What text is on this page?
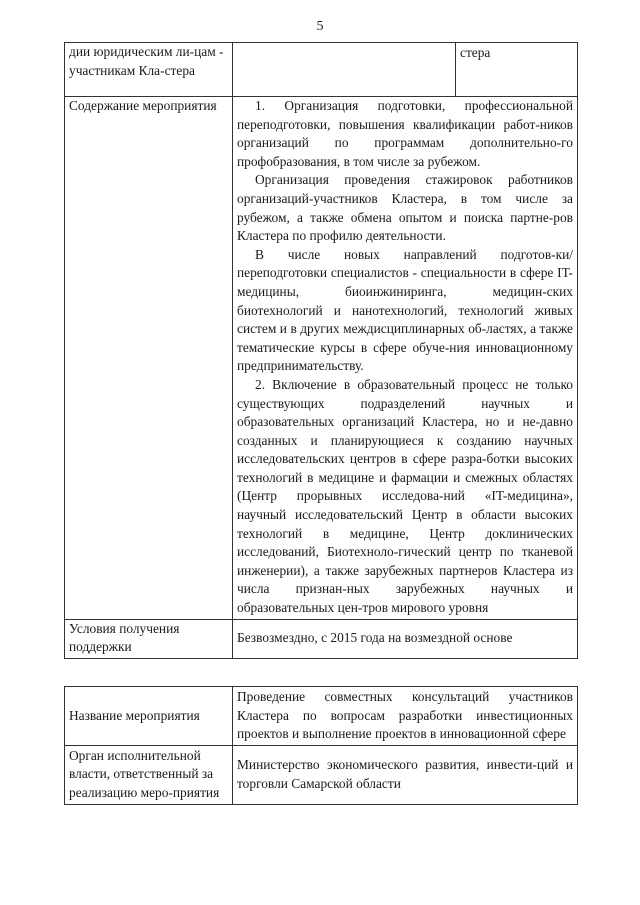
5
дии юридическим ли-цам - участникам Кла-стера		стера
Содержание мероприятия	1. Организация подготовки, профессиональной переподготовки, повышения квалификации работ-ников организаций по программам дополнительно-го профобразования, в том числе за рубежом.

Организация проведения стажировок работников организаций-участников Кластера, в том числе за рубежом, а также обмена опытом и поиска партне-ров Кластера по профилю деятельности.

В числе новых направлений подготов-ки/переподготовки специалистов - специальности в сфере IT-медицины, биоинжиниринга, медицин-ских биотехнологий и нанотехнологий, технологий живых систем и в других междисциплинарных об-ластях, а также тематические курсы в сфере обуче-ния инновационному предпринимательству.

2. Включение в образовательный процесс не только существующих подразделений научных и образовательных организаций Кластера, но и не-давно созданных и планирующиеся к созданию научных исследовательских центров в сфере разра-ботки высоких технологий в медицине и фармации и смежных областях (Центр прорывных исследова-ний «IT-медицина», научный исследовательский Центр в области высоких технологий в медицине, Центр доклинических исследований, Биотехноло-гический центр по тканевой инженерии), а также зарубежных партнеров Кластера из числа признан-ных зарубежных научных и образовательных цен-тров мирового уровня	

Условия получения поддержки	Безвозмездно, с 2015 года на возмездной основе	
Название мероприятия	Проведение совместных консультаций участников Кластера по вопросам разработки инвестиционных проектов и выполнение проектов в инновационной сфере
Орган исполнительной власти, ответственный за реализацию меро-приятия	Министерство экономического развития, инвести-ций и торговли Самарской области
